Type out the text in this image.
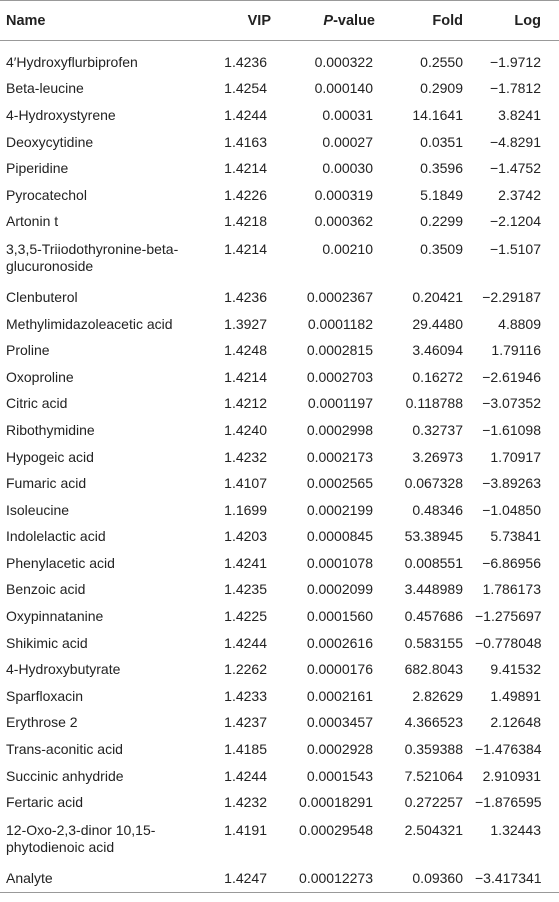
Name	VIP	P-value	Fold	Log
4′Hydroxyflurbiprofen	1.4236	0.000322	0.2550	−1.9712
Beta-leucine	1.4254	0.000140	0.2909	−1.7812
4-Hydroxystyrene	1.4244	0.00031	14.1641	3.8241
Deoxycytidine	1.4163	0.00027	0.0351	−4.8291
Piperidine	1.4214	0.00030	0.3596	−1.4752
Pyrocatechol	1.4226	0.000319	5.1849	2.3742
Artonin t	1.4218	0.000362	0.2299	−2.1204
3,3,5-Triiodothyronine-beta-glucuronoside	1.4214	0.00210	0.3509	−1.5107
Clenbuterol	1.4236	0.0002367	0.20421	−2.29187
Methylimidazoleacetic acid	1.3927	0.0001182	29.4480	4.8809
Proline	1.4248	0.0002815	3.46094	1.79116
Oxoproline	1.4214	0.0002703	0.16272	−2.61946
Citric acid	1.4212	0.0001197	0.118788	−3.07352
Ribothymidine	1.4240	0.0002998	0.32737	−1.61098
Hypogeic acid	1.4232	0.0002173	3.26973	1.70917
Fumaric acid	1.4107	0.0002565	0.067328	−3.89263
Isoleucine	1.1699	0.0002199	0.48346	−1.04850
Indolelactic acid	1.4203	0.0000845	53.38945	5.73841
Phenylacetic acid	1.4241	0.0001078	0.008551	−6.86956
Benzoic acid	1.4235	0.0002099	3.448989	1.786173
Oxypinnatanine	1.4225	0.0001560	0.457686	−1.275697
Shikimic acid	1.4244	0.0002616	0.583155	−0.778048
4-Hydroxybutyrate	1.2262	0.0000176	682.8043	9.41532
Sparfloxacin	1.4233	0.0002161	2.82629	1.49891
Erythrose 2	1.4237	0.0003457	4.366523	2.12648
Trans-aconitic acid	1.4185	0.0002928	0.359388	−1.476384
Succinic anhydride	1.4244	0.0001543	7.521064	2.910931
Fertaric acid	1.4232	0.00018291	0.272257	−1.876595
12-Oxo-2,3-dinor 10,15-phytodienoic acid	1.4191	0.00029548	2.504321	1.32443
Analyte	1.4247	0.00012273	0.09360	−3.417341
